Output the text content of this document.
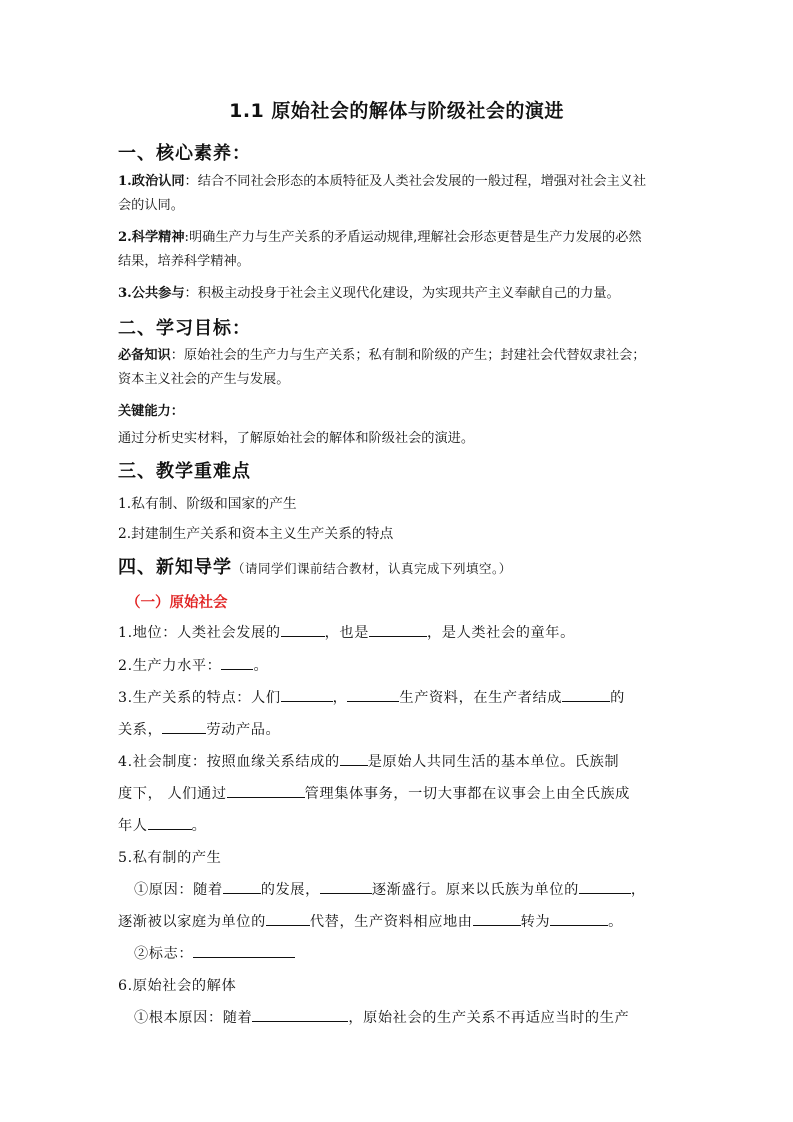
1.1 原始社会的解体与阶级社会的演进
一、核心素养：
1.政治认同：结合不同社会形态的本质特征及人类社会发展的一般过程，增强对社会主义社
会的认同。
2.科学精神:明确生产力与生产关系的矛盾运动规律,理解社会形态更替是生产力发展的必然
结果，培养科学精神。
3.公共参与：积极主动投身于社会主义现代化建设，为实现共产主义奉献自己的力量。
二、学习目标：
必备知识：原始社会的生产力与生产关系；私有制和阶级的产生；封建社会代替奴隶社会；
资本主义社会的产生与发展。
关键能力：
通过分析史实材料，了解原始社会的解体和阶级社会的演进。
三、教学重难点
1.私有制、阶级和国家的产生
2.封建制生产关系和资本主义生产关系的特点
四、新知导学（请同学们课前结合教材，认真完成下列填空。）
（一）原始社会
1.地位：人类社会发展的	，也是	，是人类社会的童年。
2.生产力水平： 。
3.生产关系的特点：人们	，	生产资料，在生产者结成	的
关系，	劳动产品。
4.社会制度：按照血缘关系结成的 是原始人共同生活的基本单位。氏族制
度下， 人们通过	管理集体事务，一切大事都在议事会上由全氏族成
年人	。
5.私有制的产生
①原因：随着	的发展，	逐渐盛行。原来以氏族为单位的	，
逐渐被以家庭为单位的	代替，生产资料相应地由	转为	。
②标志：
6.原始社会的解体
①根本原因：随着	，原始社会的生产关系不再适应当时的生产
